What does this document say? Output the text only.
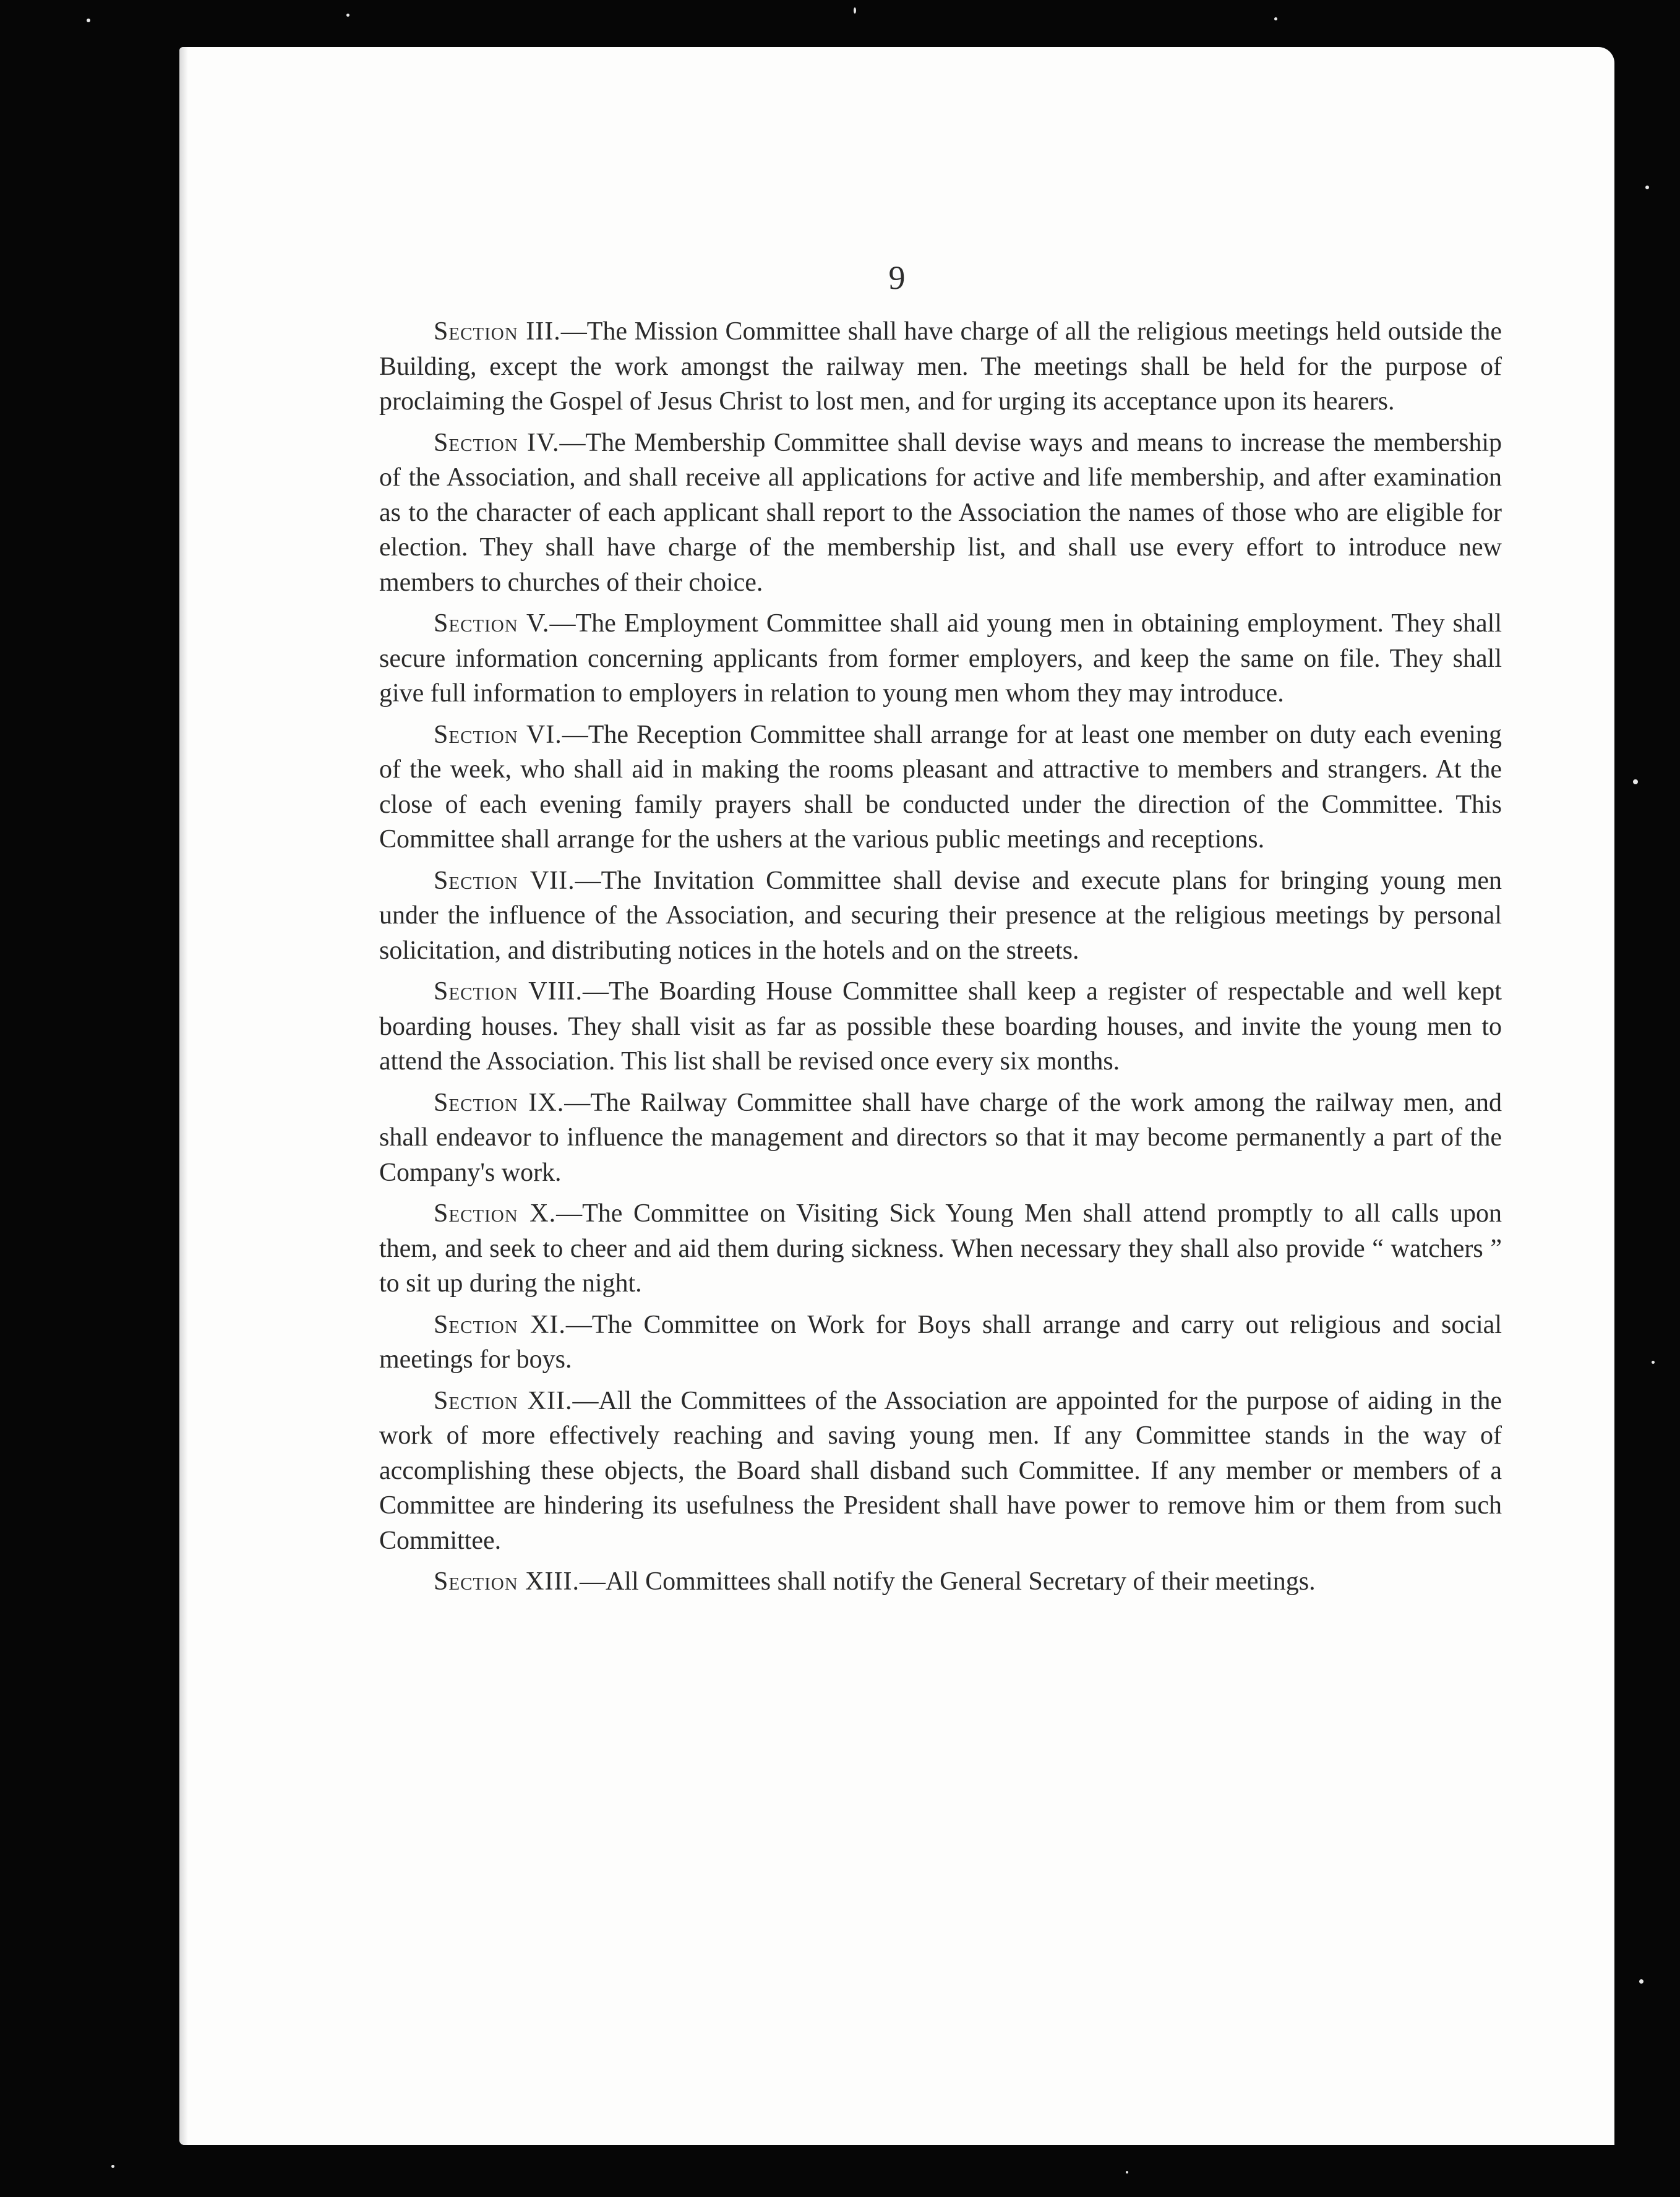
9

Section III.—The Mission Committee shall have charge of all the religious meetings held outside the Building, except the work amongst the railway men. The meetings shall be held for the purpose of proclaiming the Gospel of Jesus Christ to lost men, and for urging its acceptance upon its hearers.

Section IV.—The Membership Committee shall devise ways and means to increase the membership of the Association, and shall receive all applications for active and life membership, and after examination as to the character of each applicant shall report to the Association the names of those who are eligible for election. They shall have charge of the membership list, and shall use every effort to introduce new members to churches of their choice.

Section V.—The Employment Committee shall aid young men in obtaining employment. They shall secure information concerning applicants from former employers, and keep the same on file. They shall give full information to employers in relation to young men whom they may introduce.

Section VI.—The Reception Committee shall arrange for at least one member on duty each evening of the week, who shall aid in making the rooms pleasant and attractive to members and strangers. At the close of each evening family prayers shall be conducted under the direction of the Committee. This Committee shall arrange for the ushers at the various public meetings and receptions.

Section VII.—The Invitation Committee shall devise and execute plans for bringing young men under the influence of the Association, and securing their presence at the religious meetings by personal solicitation, and distributing notices in the hotels and on the streets.

Section VIII.—The Boarding House Committee shall keep a register of respectable and well kept boarding houses. They shall visit as far as possible these boarding houses, and invite the young men to attend the Association. This list shall be revised once every six months.

Section IX.—The Railway Committee shall have charge of the work among the railway men, and shall endeavor to influence the management and directors so that it may become permanently a part of the Company's work.

Section X.—The Committee on Visiting Sick Young Men shall attend promptly to all calls upon them, and seek to cheer and aid them during sickness. When necessary they shall also provide “ watchers ” to sit up during the night.

Section XI.—The Committee on Work for Boys shall arrange and carry out religious and social meetings for boys.

Section XII.—All the Committees of the Association are appointed for the purpose of aiding in the work of more effectively reaching and saving young men. If any Committee stands in the way of accomplishing these objects, the Board shall disband such Committee. If any member or members of a Committee are hindering its usefulness the President shall have power to remove him or them from such Committee.

Section XIII.—All Committees shall notify the General Secretary of their meetings.
